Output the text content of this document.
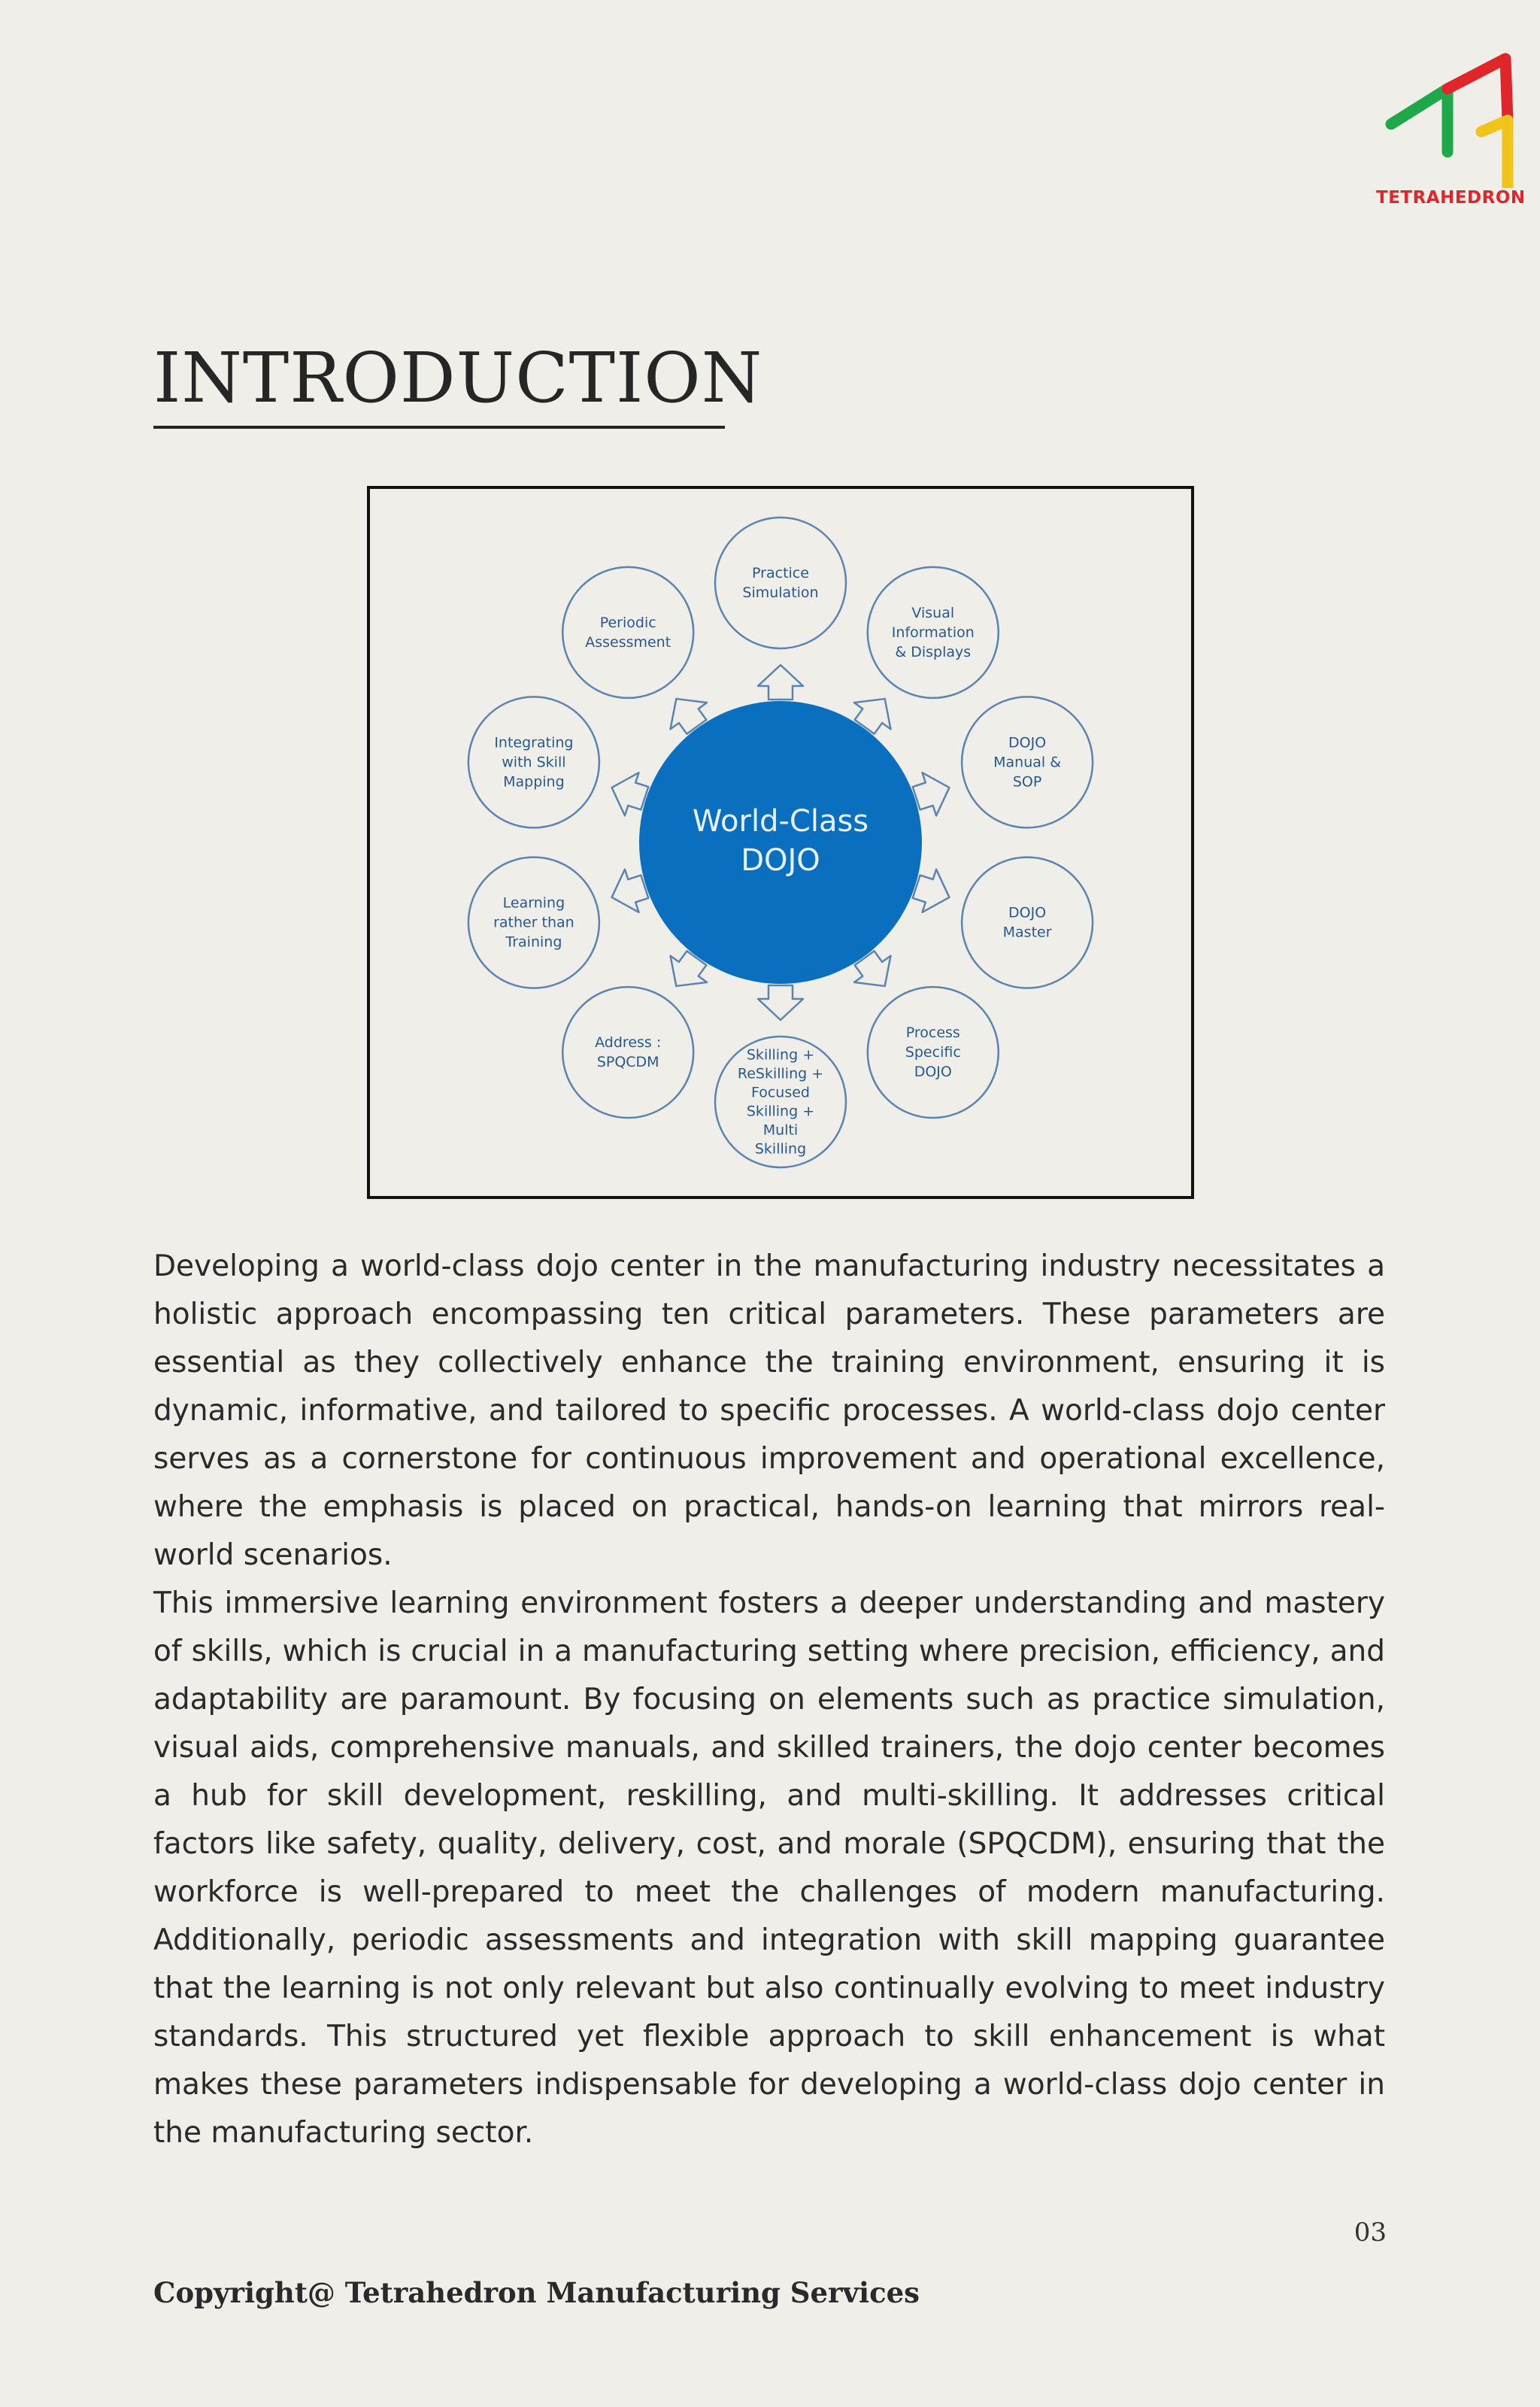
TETRAHEDRON
INTRODUCTION
Practice Simulation
Visual Information & Displays
DOJO Manual & SOP
DOJO Master
Process Specific DOJO
Skilling + ReSkilling + Focused Skilling + Multi Skilling
Address : SPQCDM
Learning rather than Training
Integrating with Skill Mapping
Periodic Assessment
World-Class DOJO

Developing a world-class dojo center in the manufacturing industry necessitates a holistic approach encompassing ten critical parameters. These parameters are essential as they collectively enhance the training environment, ensuring it is dynamic, informative, and tailored to specific processes. A world-class dojo center serves as a cornerstone for continuous improvement and operational excellence, where the emphasis is placed on practical, hands-on learning that mirrors real-world scenarios.

This immersive learning environment fosters a deeper understanding and mastery of skills, which is crucial in a manufacturing setting where precision, efficiency, and adaptability are paramount. By focusing on elements such as practice simulation, visual aids, comprehensive manuals, and skilled trainers, the dojo center becomes a hub for skill development, reskilling, and multi-skilling. It addresses critical factors like safety, quality, delivery, cost, and morale (SPQCDM), ensuring that the workforce is well-prepared to meet the challenges of modern manufacturing. Additionally, periodic assessments and integration with skill mapping guarantee that the learning is not only relevant but also continually evolving to meet industry standards. This structured yet flexible approach to skill enhancement is what makes these parameters indispensable for developing a world-class dojo center in the manufacturing sector.

03
Copyright@ Tetrahedron Manufacturing Services
